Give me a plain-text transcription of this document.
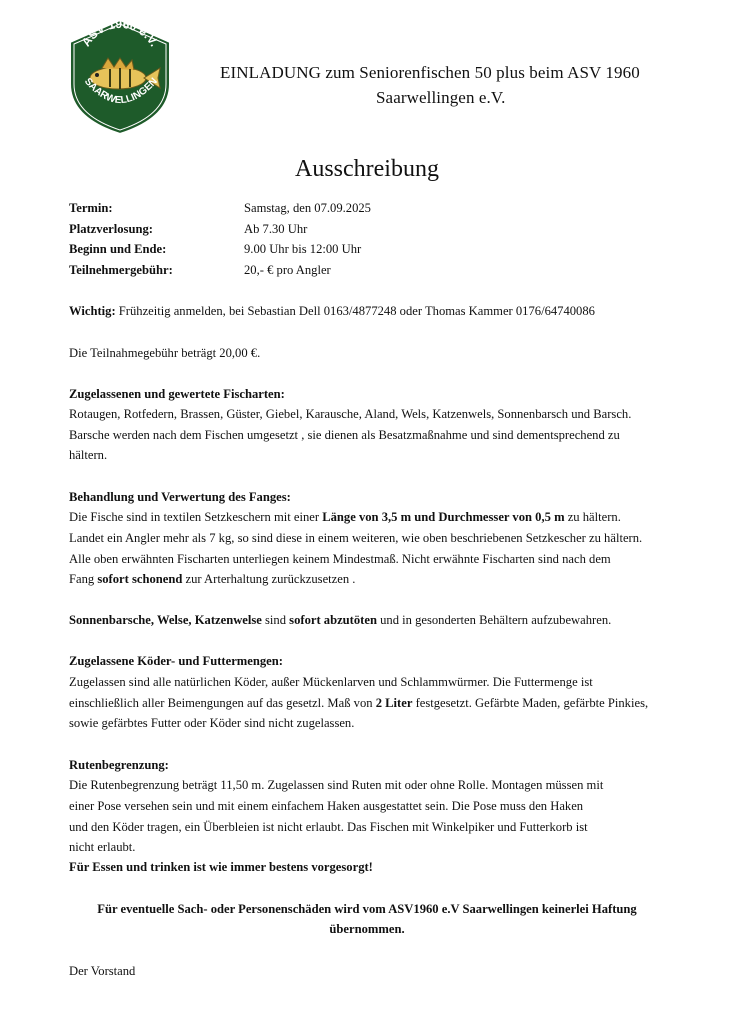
ASV 1960 e.V.
SAARWELLINGEN
EINLADUNG zum Seniorenfischen 50 plus beim ASV 1960
Saarwellingen e.V.
Ausschreibung
Termin:	Samstag, den 07.09.2025
Platzverlosung:	Ab 7.30 Uhr
Beginn und Ende:	9.00 Uhr bis 12:00 Uhr
Teilnehmergebühr:	20,- € pro Angler
Wichtig: Frühzeitig anmelden, bei Sebastian Dell 0163/4877248 oder Thomas Kammer 0176/64740086
Die Teilnahmegebühr beträgt 20,00 €.
Zugelassenen und gewertete Fischarten:
Rotaugen, Rotfedern, Brassen, Güster, Giebel, Karausche, Aland, Wels, Katzenwels, Sonnenbarsch und Barsch.
Barsche werden nach dem Fischen umgesetzt , sie dienen als Besatzmaßnahme und sind dementsprechend zu
hältern.
Behandlung und Verwertung des Fanges:
Die Fische sind in textilen Setzkeschern mit einer Länge von 3,5 m und Durchmesser von 0,5 m zu hältern.
Landet ein Angler mehr als 7 kg, so sind diese in einem weiteren, wie oben beschriebenen Setzkescher zu hältern.
Alle oben erwähnten Fischarten unterliegen keinem Mindestmaß. Nicht erwähnte Fischarten sind nach dem
Fang sofort schonend zur Arterhaltung zurückzusetzen .
Sonnenbarsche, Welse, Katzenwelse sind sofort abzutöten und in gesonderten Behältern aufzubewahren.
Zugelassene Köder- und Futtermengen:
Zugelassen sind alle natürlichen Köder, außer Mückenlarven und Schlammwürmer. Die Futtermenge ist
einschließlich aller Beimengungen auf das gesetzl. Maß von 2 Liter festgesetzt. Gefärbte Maden, gefärbte Pinkies,
sowie gefärbtes Futter oder Köder sind nicht zugelassen.
Rutenbegrenzung:
Die Rutenbegrenzung beträgt 11,50 m. Zugelassen sind Ruten mit oder ohne Rolle. Montagen müssen mit
einer Pose versehen sein und mit einem einfachem Haken ausgestattet sein. Die Pose muss den Haken
und den Köder tragen, ein Überbleien ist nicht erlaubt. Das Fischen mit Winkelpiker und Futterkorb ist
nicht erlaubt.
Für Essen und trinken ist wie immer bestens vorgesorgt!
Für eventuelle Sach- oder Personenschäden wird vom ASV1960 e.V Saarwellingen keinerlei Haftung
übernommen.
Der Vorstand
